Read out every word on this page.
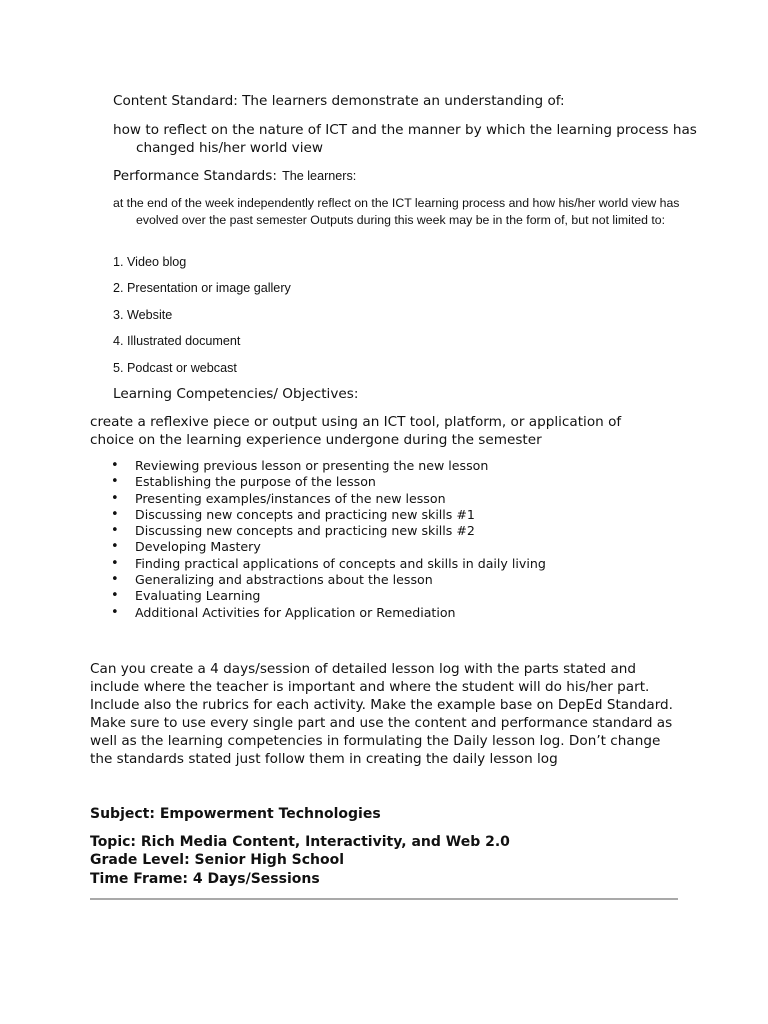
Content Standard: The learners demonstrate an understanding of:

how to reflect on the nature of ICT and the manner by which the learning process has changed his/her world view

Performance Standards: The learners:

at the end of the week independently reflect on the ICT learning process and how his/her world view has evolved over the past semester Outputs during this week may be in the form of, but not limited to:

1. Video blog

2. Presentation or image gallery

3. Website

4. Illustrated document

5. Podcast or webcast

Learning Competencies/ Objectives:

create a reflexive piece or output using an ICT tool, platform, or application of choice on the learning experience undergone during the semester

• Reviewing previous lesson or presenting the new lesson
• Establishing the purpose of the lesson
• Presenting examples/instances of the new lesson
• Discussing new concepts and practicing new skills #1
• Discussing new concepts and practicing new skills #2
• Developing Mastery
• Finding practical applications of concepts and skills in daily living
• Generalizing and abstractions about the lesson
• Evaluating Learning
• Additional Activities for Application or Remediation

Can you create a 4 days/session of detailed lesson log with the parts stated and include where the teacher is important and where the student will do his/her part. Include also the rubrics for each activity. Make the example base on DepEd Standard. Make sure to use every single part and use the content and performance standard as well as the learning competencies in formulating the Daily lesson log. Don’t change the standards stated just follow them in creating the daily lesson log

Subject: Empowerment Technologies

Topic: Rich Media Content, Interactivity, and Web 2.0

Grade Level: Senior High School

Time Frame: 4 Days/Sessions
